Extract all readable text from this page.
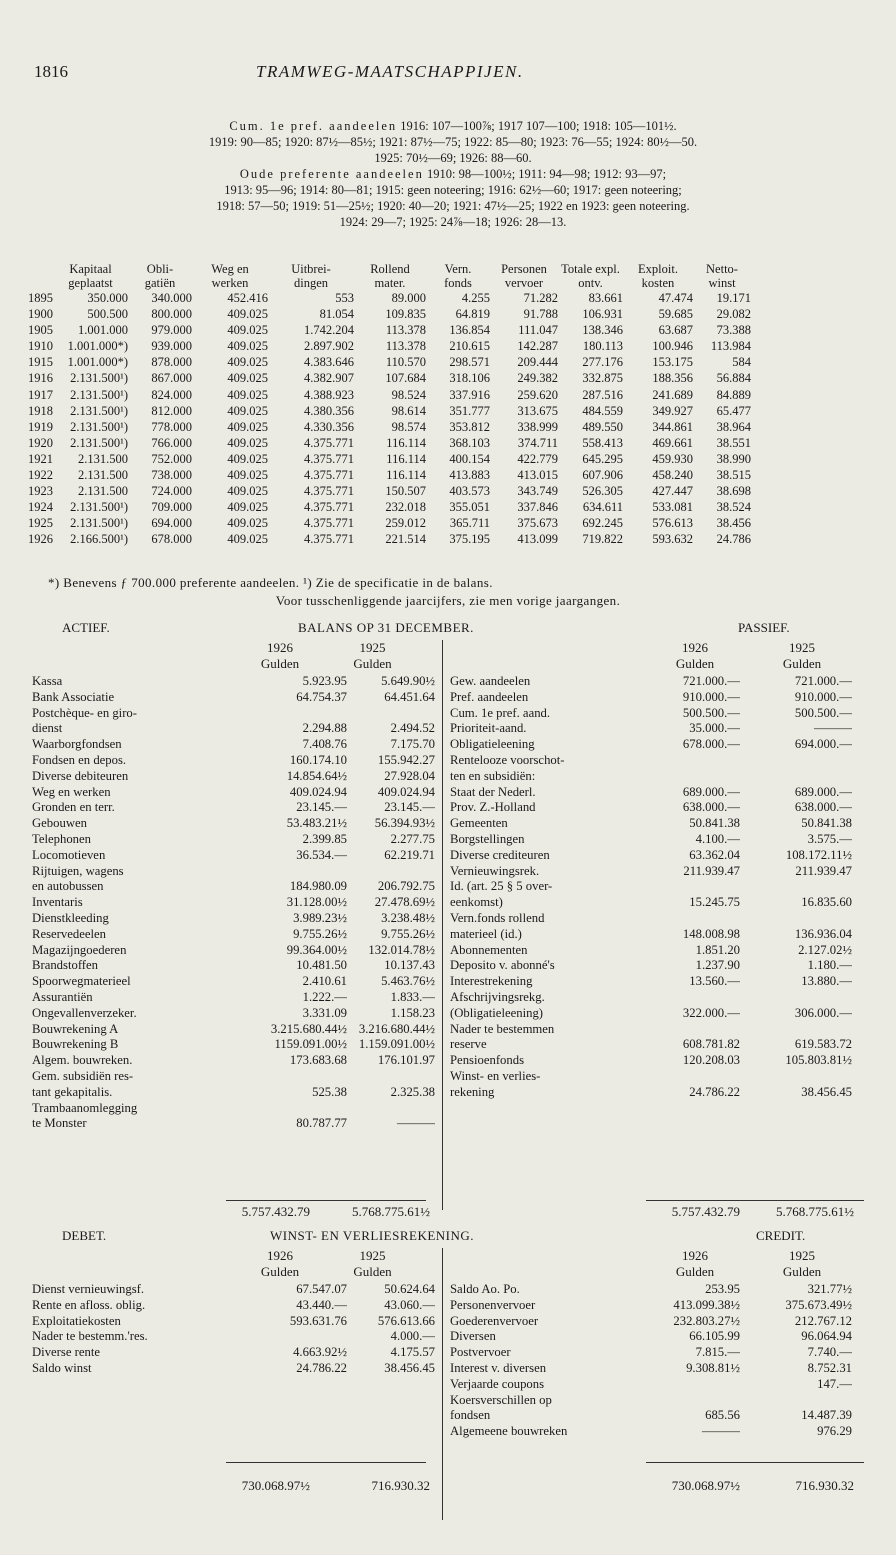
1816	TRAMWEG-MAATSCHAPPIJEN.
Cum. 1e pref. aandeelen 1916: 107—100⅞; 1917 107—100; 1918: 105—101½.
1919: 90—85; 1920: 87½—85½; 1921: 87½—75; 1922: 85—80; 1923: 76—55; 1924: 80½—50.
1925: 70½—69; 1926: 88—60.
Oude preferente aandeelen 1910: 98—100½; 1911: 94—98; 1912: 93—97;
1913: 95—96; 1914: 80—81; 1915: geen noteering; 1916: 62½—60; 1917: geen noteering;
1918: 57—50; 1919: 51—25½; 1920: 40—20; 1921: 47½—25; 1922 en 1923: geen noteering.
1924: 29—7; 1925: 24⅞—18; 1926: 28—13.
	Kapitaal	Obli-	Weg en	Uitbrei-	Rollend	Vern.	Personen	Totale expl.	Exploit.	Netto-
	geplaatst	gatiën	werken	dingen	mater.	fonds	vervoer	ontv.	kosten	winst
1895	350.000	340.000	452.416	553	89.000	4.255	71.282	83.661	47.474	19.171
1900	500.500	800.000	409.025	81.054	109.835	64.819	91.788	106.931	59.685	29.082
1905	1.001.000	979.000	409.025	1.742.204	113.378	136.854	111.047	138.346	63.687	73.388
1910	1.001.000*)	939.000	409.025	2.897.902	113.378	210.615	142.287	180.113	100.946	113.984
1915	1.001.000*)	878.000	409.025	4.383.646	110.570	298.571	209.444	277.176	153.175	584
1916	2.131.500¹)	867.000	409.025	4.382.907	107.684	318.106	249.382	332.875	188.356	56.884
1917	2.131.500¹)	824.000	409.025	4.388.923	98.524	337.916	259.620	287.516	241.689	84.889
1918	2.131.500¹)	812.000	409.025	4.380.356	98.614	351.777	313.675	484.559	349.927	65.477
1919	2.131.500¹)	778.000	409.025	4.330.356	98.574	353.812	338.999	489.550	344.861	38.964
1920	2.131.500¹)	766.000	409.025	4.375.771	116.114	368.103	374.711	558.413	469.661	38.551
1921	2.131.500	752.000	409.025	4.375.771	116.114	400.154	422.779	645.295	459.930	38.990
1922	2.131.500	738.000	409.025	4.375.771	116.114	413.883	413.015	607.906	458.240	38.515
1923	2.131.500	724.000	409.025	4.375.771	150.507	403.573	343.749	526.305	427.447	38.698
1924	2.131.500¹)	709.000	409.025	4.375.771	232.018	355.051	337.846	634.611	533.081	38.524
1925	2.131.500¹)	694.000	409.025	4.375.771	259.012	365.711	375.673	692.245	576.613	38.456
1926	2.166.500¹)	678.000	409.025	4.375.771	221.514	375.195	413.099	719.822	593.632	24.786
*) Benevens ƒ 700.000 preferente aandeelen. ¹) Zie de specificatie in de balans.
Voor tusschenliggende jaarcijfers, zie men vorige jaargangen.
ACTIEF.	BALANS OP 31 DECEMBER.	PASSIEF.
1926	1925
Gulden	Gulden
1926	1925
Gulden	Gulden
Kassa	5.923.95	5.649.90½
Bank Associatie	64.754.37	64.451.64
Postchèque- en giro-		
dienst	2.294.88	2.494.52
Waarborgfondsen	7.408.76	7.175.70
Fondsen en depos.	160.174.10	155.942.27
Diverse debiteuren	14.854.64½	27.928.04
Weg en werken	409.024.94	409.024.94
Gronden en terr.	23.145.—	23.145.—
Gebouwen	53.483.21½	56.394.93½
Telephonen	2.399.85	2.277.75
Locomotieven	36.534.—	62.219.71
Rijtuigen, wagens		
en autobussen	184.980.09	206.792.75
Inventaris	31.128.00½	27.478.69½
Dienstkleeding	3.989.23½	3.238.48½
Reservedeelen	9.755.26½	9.755.26½
Magazijngoederen	99.364.00½	132.014.78½
Brandstoffen	10.481.50	10.137.43
Spoorwegmaterieel	2.410.61	5.463.76½
Assurantiën	1.222.—	1.833.—
Ongevallenverzeker.	3.331.09	1.158.23
Bouwrekening A	3.215.680.44½	3.216.680.44½
Bouwrekening B	1159.091.00½	1.159.091.00½
Algem. bouwreken.	173.683.68	176.101.97
Gem. subsidiën res-		
tant gekapitalis.	525.38	2.325.38
Trambaanomlegging		
te Monster	80.787.77	———
Gew. aandeelen	721.000.—	721.000.—
Pref. aandeelen	910.000.—	910.000.—
Cum. 1e pref. aand.	500.500.—	500.500.—
Prioriteit-aand.	35.000.—	———
Obligatieleening	678.000.—	694.000.—
Rentelooze voorschot-		
ten en subsidiën:		
Staat der Nederl.	689.000.—	689.000.—
Prov. Z.-Holland	638.000.—	638.000.—
Gemeenten	50.841.38	50.841.38
Borgstellingen	4.100.—	3.575.—
Diverse crediteuren	63.362.04	108.172.11½
Vernieuwingsrek.	211.939.47	211.939.47
Id. (art. 25 § 5 over-		
eenkomst)	15.245.75	16.835.60
Vern.fonds rollend		
materieel (id.)	148.008.98	136.936.04
Abonnementen	1.851.20	2.127.02½
Deposito v. abonné's	1.237.90	1.180.—
Interestrekening	13.560.—	13.880.—
Afschrijvingsrekg.		
(Obligatieleening)	322.000.—	306.000.—
Nader te bestemmen		
reserve	608.781.82	619.583.72
Pensioenfonds	120.208.03	105.803.81½
Winst- en verlies-		
rekening	24.786.22	38.456.45

5.757.432.79	5.768.775.61½	5.757.432.79	5.768.775.61½
DEBET.	WINST- EN VERLIESREKENING.	CREDIT.
1926	1925
Gulden	Gulden
1926	1925
Gulden	Gulden
Dienst vernieuwingsf.	67.547.07	50.624.64
Rente en afloss. oblig.	43.440.—	43.060.—
Exploitatiekosten	593.631.76	576.613.66
Nader te bestemm.'res.		4.000.—
Diverse rente	4.663.92½	4.175.57
Saldo winst	24.786.22	38.456.45

Saldo Ao. Po.	253.95	321.77½
Personenvervoer	413.099.38½	375.673.49½
Goederenvervoer	232.803.27½	212.767.12
Diversen	66.105.99	96.064.94
Postvervoer	7.815.—	7.740.—
Interest v. diversen	9.308.81½	8.752.31
Verjaarde coupons		147.—
Koersverschillen op		
fondsen	685.56	14.487.39
Algemeene bouwreken	———	976.29

730.068.97½	716.930.32	730.068.97½	716.930.32
